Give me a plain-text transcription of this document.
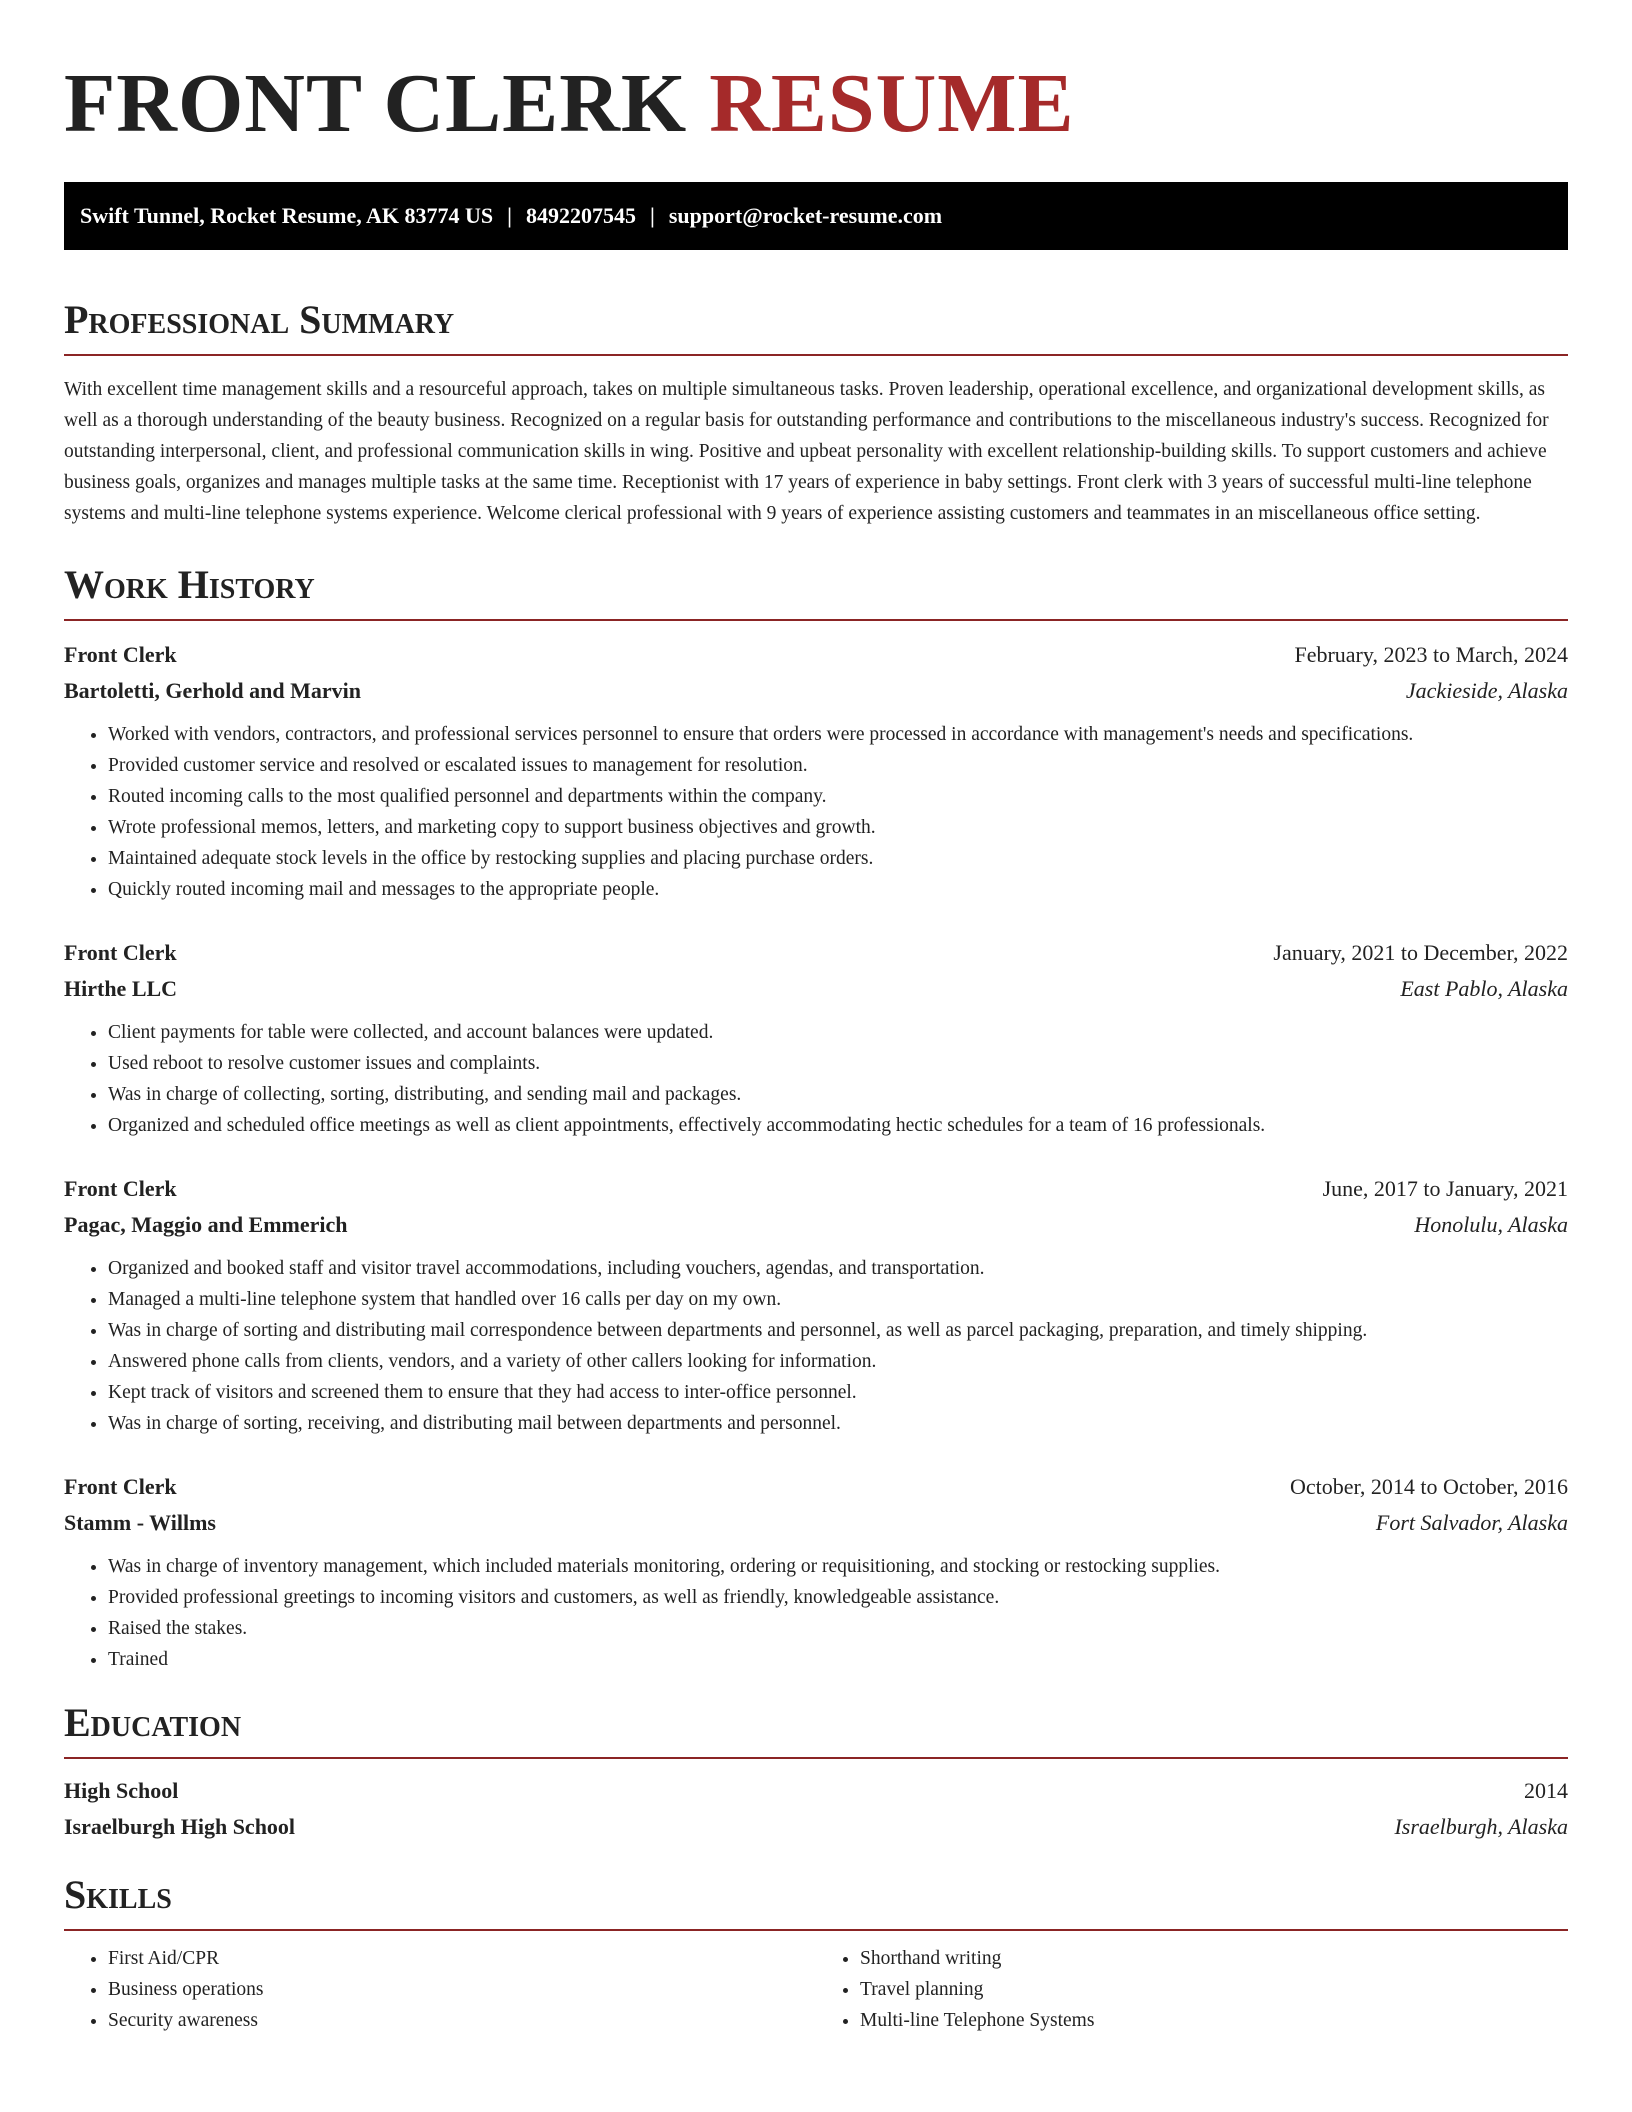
FRONT CLERK RESUME
Swift Tunnel, Rocket Resume, AK 83774 US | 8492207545 | support@rocket-resume.com
Professional Summary

With excellent time management skills and a resourceful approach, takes on multiple simultaneous tasks. Proven leadership, operational excellence, and organizational development skills, as well as a thorough understanding of the beauty business. Recognized on a regular basis for outstanding performance and contributions to the miscellaneous industry's success. Recognized for outstanding interpersonal, client, and professional communication skills in wing. Positive and upbeat personality with excellent relationship-building skills. To support customers and achieve business goals, organizes and manages multiple tasks at the same time. Receptionist with 17 years of experience in baby settings. Front clerk with 3 years of successful multi-line telephone systems and multi-line telephone systems experience. Welcome clerical professional with 9 years of experience assisting customers and teammates in an miscellaneous office setting.

Work History
Front Clerk	February, 2023 to March, 2024
Bartoletti, Gerhold and Marvin	Jackieside, Alaska
• Worked with vendors, contractors, and professional services personnel to ensure that orders were processed in accordance with management's needs and specifications.
• Provided customer service and resolved or escalated issues to management for resolution.
• Routed incoming calls to the most qualified personnel and departments within the company.
• Wrote professional memos, letters, and marketing copy to support business objectives and growth.
• Maintained adequate stock levels in the office by restocking supplies and placing purchase orders.
• Quickly routed incoming mail and messages to the appropriate people.
Front Clerk	January, 2021 to December, 2022
Hirthe LLC	East Pablo, Alaska
• Client payments for table were collected, and account balances were updated.
• Used reboot to resolve customer issues and complaints.
• Was in charge of collecting, sorting, distributing, and sending mail and packages.
• Organized and scheduled office meetings as well as client appointments, effectively accommodating hectic schedules for a team of 16 professionals.
Front Clerk	June, 2017 to January, 2021
Pagac, Maggio and Emmerich	Honolulu, Alaska
• Organized and booked staff and visitor travel accommodations, including vouchers, agendas, and transportation.
• Managed a multi-line telephone system that handled over 16 calls per day on my own.
• Was in charge of sorting and distributing mail correspondence between departments and personnel, as well as parcel packaging, preparation, and timely shipping.
• Answered phone calls from clients, vendors, and a variety of other callers looking for information.
• Kept track of visitors and screened them to ensure that they had access to inter-office personnel.
• Was in charge of sorting, receiving, and distributing mail between departments and personnel.
Front Clerk	October, 2014 to October, 2016
Stamm - Willms	Fort Salvador, Alaska
• Was in charge of inventory management, which included materials monitoring, ordering or requisitioning, and stocking or restocking supplies.
• Provided professional greetings to incoming visitors and customers, as well as friendly, knowledgeable assistance.
• Raised the stakes.
• Trained
Education
High School	2014
Israelburgh High School	Israelburgh, Alaska
Skills
• First Aid/CPR
• Business operations
• Security awareness
• Shorthand writing
• Travel planning
• Multi-line Telephone Systems
